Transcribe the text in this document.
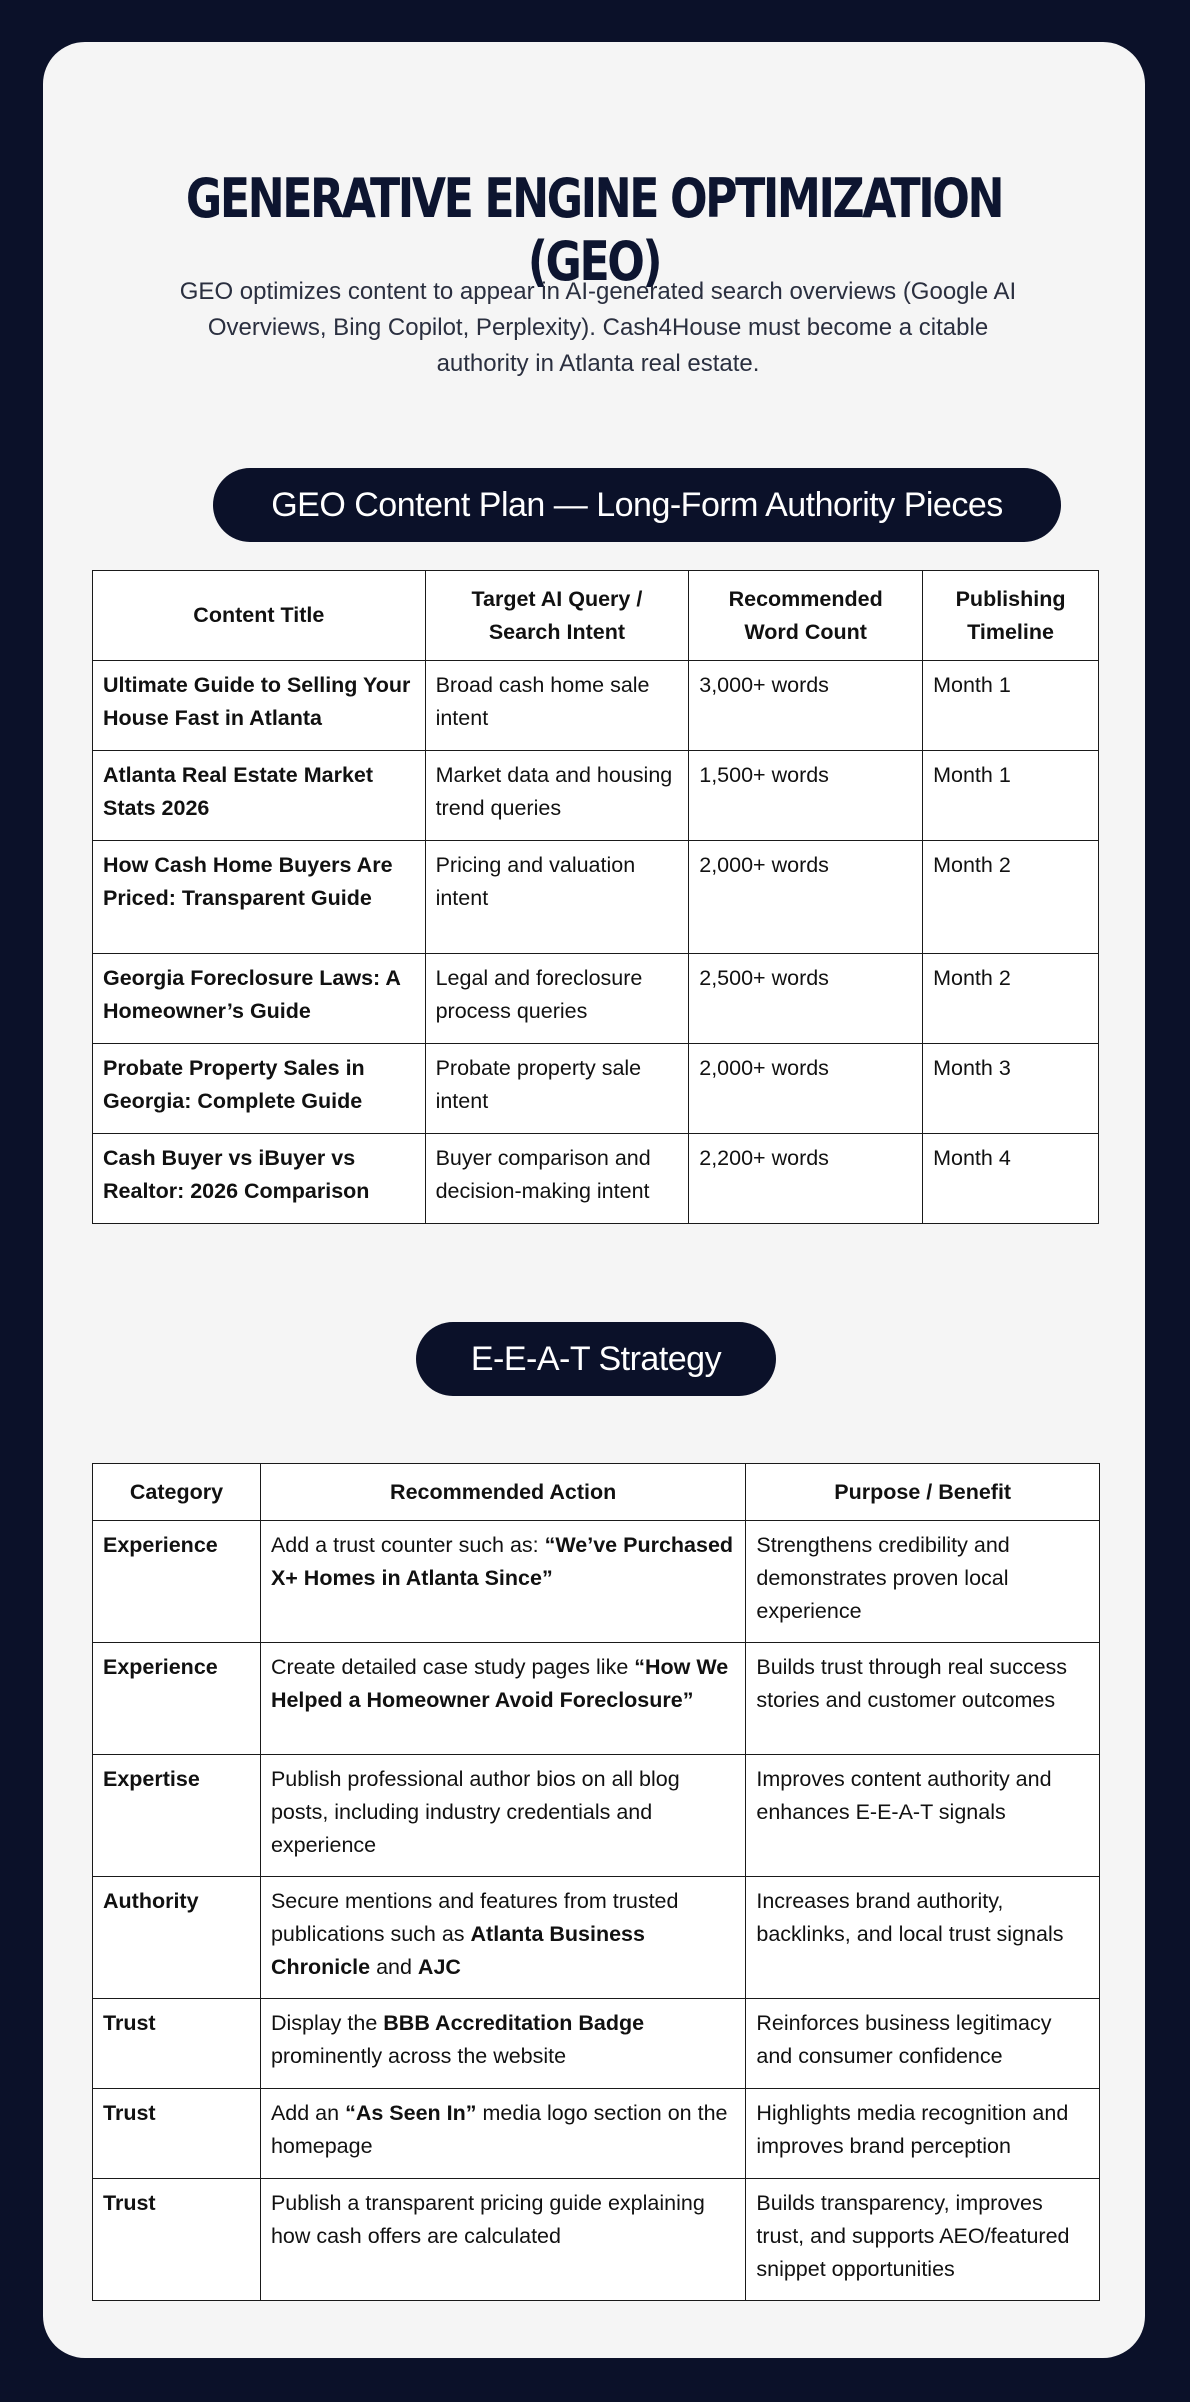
GENERATIVE ENGINE OPTIMIZATION (GEO)

GEO optimizes content to appear in AI-generated search overviews (Google AI Overviews, Bing Copilot, Perplexity). Cash4House must become a citable authority in Atlanta real estate.

GEO Content Plan — Long-Form Authority Pieces
Content Title	Target AI Query / Search Intent	Recommended Word Count	Publishing Timeline
Ultimate Guide to Selling Your House Fast in Atlanta	Broad cash home sale intent	3,000+ words	Month 1
Atlanta Real Estate Market Stats 2026	Market data and housing trend queries	1,500+ words	Month 1
How Cash Home Buyers Are Priced: Transparent Guide	Pricing and valuation intent	2,000+ words	Month 2
Georgia Foreclosure Laws: A Homeowner’s Guide	Legal and foreclosure process queries	2,500+ words	Month 2
Probate Property Sales in Georgia: Complete Guide	Probate property sale intent	2,000+ words	Month 3
Cash Buyer vs iBuyer vs Realtor: 2026 Comparison	Buyer comparison and decision-making intent	2,200+ words	Month 4
E-E-A-T Strategy
Category	Recommended Action	Purpose / Benefit
Experience	Add a trust counter such as: “We’ve Purchased X+ Homes in Atlanta Since”	Strengthens credibility and demonstrates proven local experience
Experience	Create detailed case study pages like “How We Helped a Homeowner Avoid Foreclosure”	Builds trust through real success stories and customer outcomes
Expertise	Publish professional author bios on all blog posts, including industry credentials and experience	Improves content authority and enhances E-E-A-T signals
Authority	Secure mentions and features from trusted publications such as Atlanta Business Chronicle and AJC	Increases brand authority, backlinks, and local trust signals
Trust	Display the BBB Accreditation Badge prominently across the website	Reinforces business legitimacy and consumer confidence
Trust	Add an “As Seen In” media logo section on the homepage	Highlights media recognition and improves brand perception
Trust	Publish a transparent pricing guide explaining how cash offers are calculated	Builds transparency, improves trust, and supports AEO/featured snippet opportunities
